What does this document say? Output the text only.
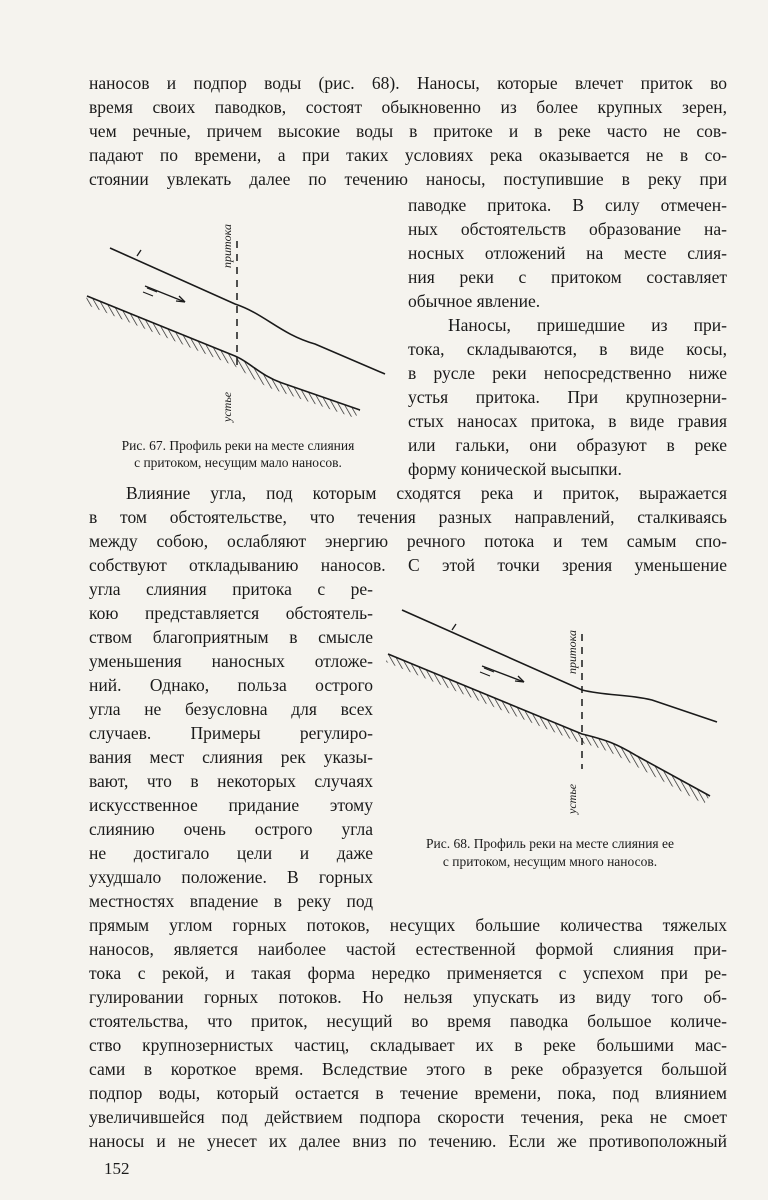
наносов и подпор воды (рис. 68). Наносы, которые влечет приток во
время своих паводков, состоят обыкновенно из более крупных зерен,
чем речные, причем высокие воды в притоке и в реке часто не сов-
падают по времени, а при таких условиях река оказывается не в со-
стоянии увлекать далее по течению наносы, поступившие в реку при
притока
устье
Рис. 67. Профиль реки на месте слияния
с притоком, несущим мало наносов.
паводке притока. В силу отмечен-
ных обстоятельств образование на-
носных отложений на месте слия-
ния реки с притоком составляет
обычное явление.
Наносы, пришедшие из при-
тока, складываются, в виде косы,
в русле реки непосредственно ниже
устья притока. При крупнозерни-
стых наносах притока, в виде гравия
или гальки, они образуют в реке
форму конической высыпки.
Влияние угла, под которым сходятся река и приток, выражается
в том обстоятельстве, что течения разных направлений, сталкиваясь
между собою, ослабляют энергию речного потока и тем самым спо-
собствуют откладыванию наносов. С этой точки зрения уменьшение
угла слияния притока с ре-
кою представляется обстоятель-
ством благоприятным в смысле
уменьшения наносных отложе-
ний. Однако, польза острого
угла не безусловна для всех
случаев. Примеры регулиро-
вания мест слияния рек указы-
вают, что в некоторых случаях
искусственное придание этому
слиянию очень острого угла
не достигало цели и даже
ухудшало положение. В горных
местностях впадение в реку под
притока
устье
Рис. 68. Профиль реки на месте слияния ее
с притоком, несущим много наносов.
прямым углом горных потоков, несущих большие количества тяжелых
наносов, является наиболее частой естественной формой слияния при-
тока с рекой, и такая форма нередко применяется с успехом при ре-
гулировании горных потоков. Но нельзя упускать из виду того об-
стоятельства, что приток, несущий во время паводка большое количе-
ство крупнозернистых частиц, складывает их в реке большими мас-
сами в короткое время. Вследствие этого в реке образуется большой
подпор воды, который остается в течение времени, пока, под влиянием
увеличившейся под действием подпора скорости течения, река не смоет
наносы и не унесет их далее вниз по течению. Если же противоположный
152
